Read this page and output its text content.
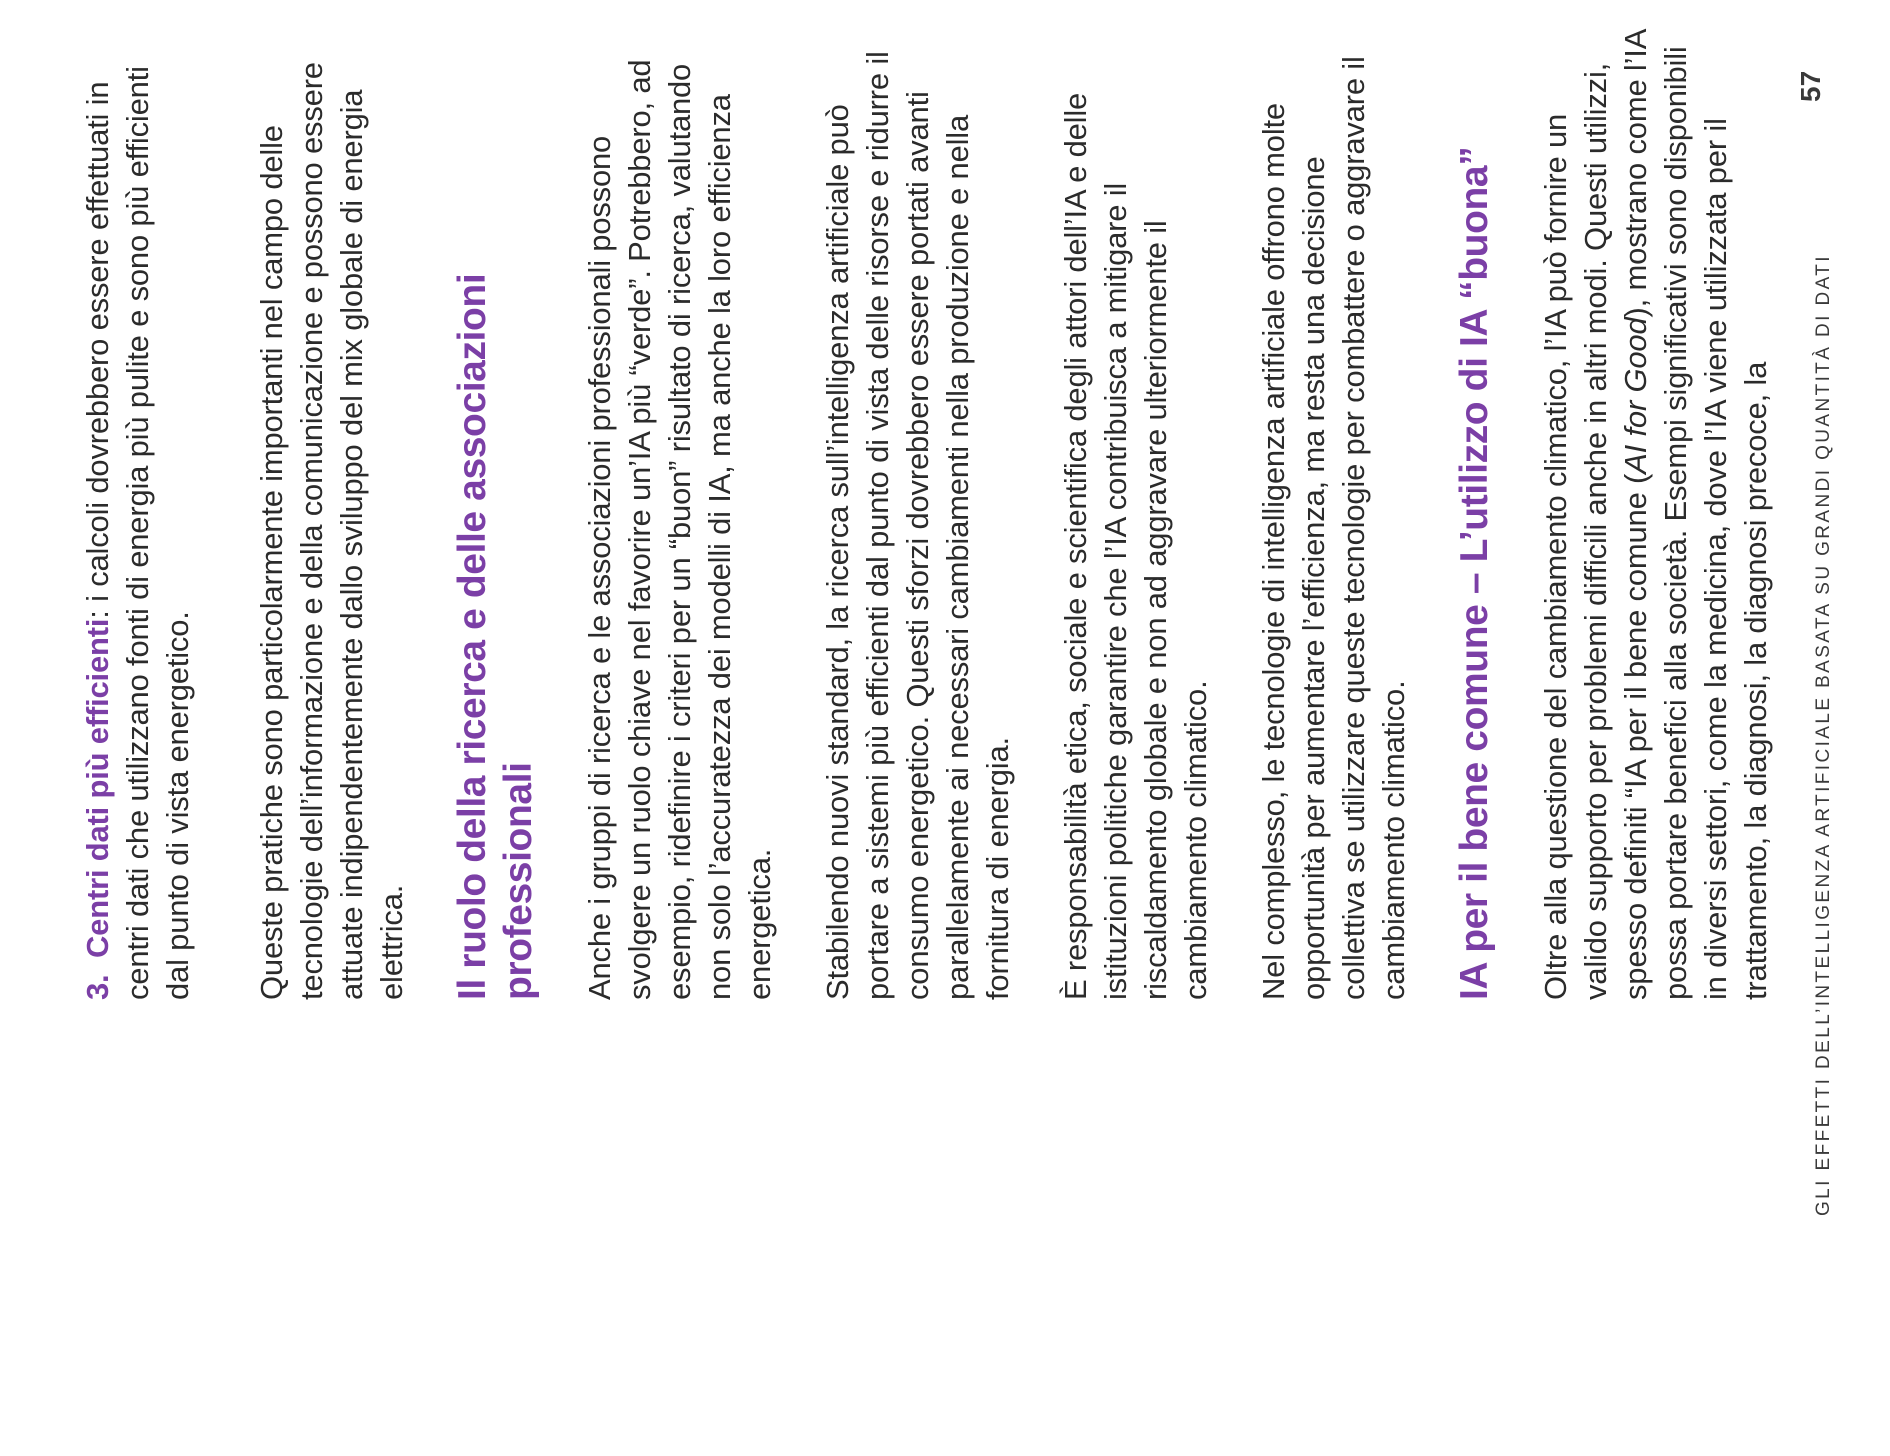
3.Centri dati più efficienti: i calcoli dovrebbero essere effettuati in centri dati che utilizzano fonti di energia più pulite e sono più efficienti dal punto di vista energetico. Queste pratiche sono particolarmente importanti nel campo delle tecnologie dell’informazione e della comunicazione e possono essere attuate indipendentemente dallo sviluppo del mix globale di energia elettrica. Il ruolo della ricerca e delle associazioni professionali Anche i gruppi di ricerca e le associazioni professionali possono svolgere un ruolo chiave nel favorire un’IA più “verde”. Potrebbero, ad esempio, ridefinire i criteri per un “buon” risultato di ricerca, valutando non solo l’accuratezza dei modelli di IA, ma anche la loro efficienza energetica. Stabilendo nuovi standard, la ricerca sull’intelligenza artificiale può portare a sistemi più efficienti dal punto di vista delle risorse e ridurre il consumo energetico. Questi sforzi dovrebbero essere portati avanti parallelamente ai necessari cambiamenti nella produzione e nella fornitura di energia. È responsabilità etica, sociale e scientifica degli attori dell’IA e delle istituzioni politiche garantire che l’IA contribuisca a mitigare il riscaldamento globale e non ad aggravare ulteriormente il cambiamento climatico. Nel complesso, le tecnologie di intelligenza artificiale offrono molte opportunità per aumentare l’efficienza, ma resta una decisione collettiva se utilizzare queste tecnologie per combattere o aggravare il cambiamento climatico. IA per il bene comune – L’utilizzo di IA “buona” Oltre alla questione del cambiamento climatico, l’IA può fornire un valido supporto per problemi difficili anche in altri modi. Questi utilizzi, spesso definiti “IA per il bene comune (AI for Good), mostrano come l’IA possa portare benefici alla società. Esempi significativi sono disponibili in diversi settori, come la medicina, dove l’IA viene utilizzata per il trattamento, la diagnosi, la diagnosi precoce, la GLI EFFETTI DELL’INTELLIGENZA ARTIFICIALE BASATA SU GRANDI QUANTITÀ DI DATI
57
